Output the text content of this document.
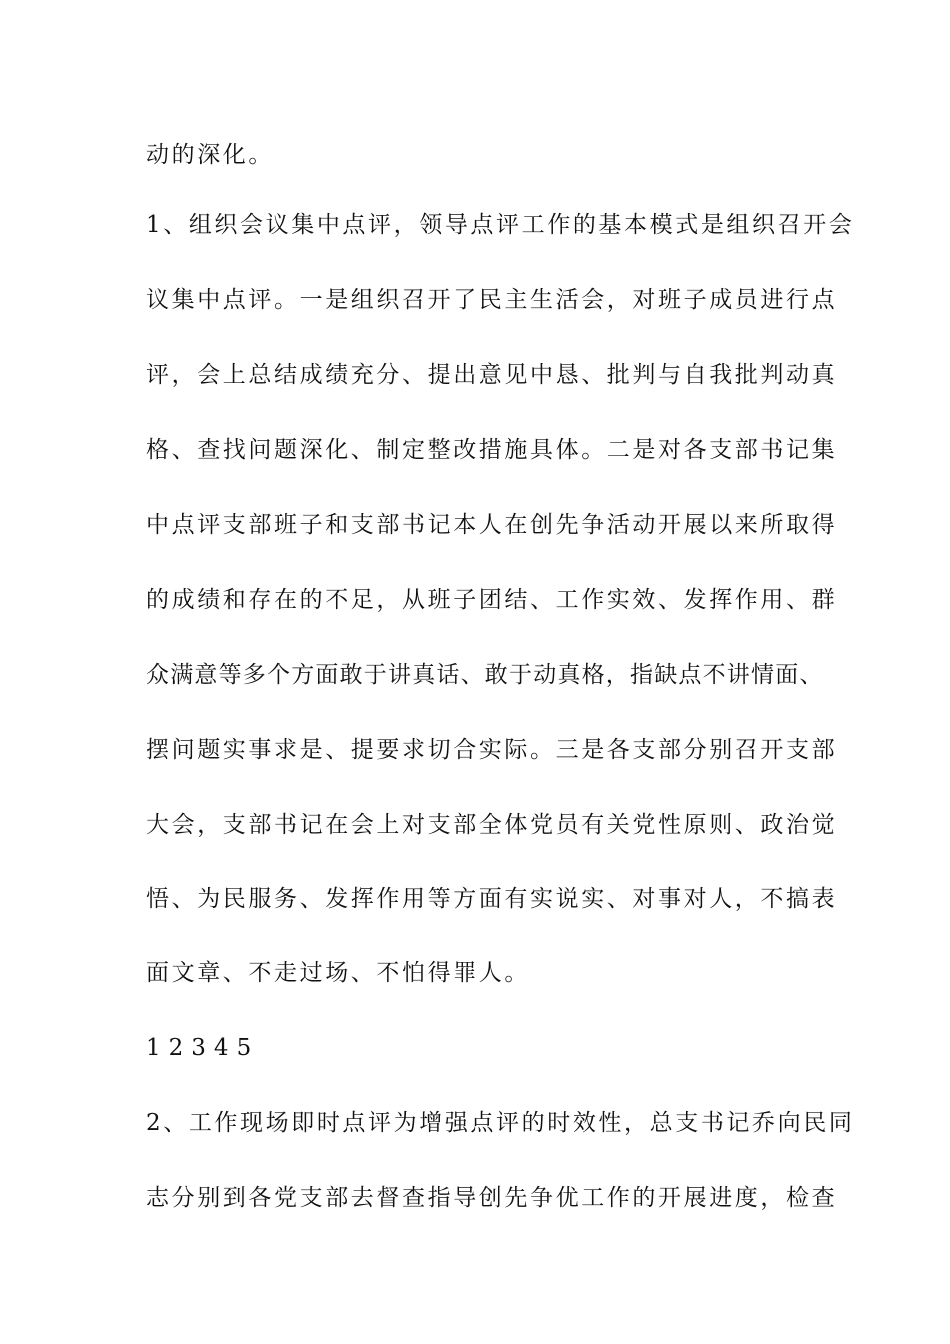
动的深化。
1、组织会议集中点评，领导点评工作的基本模式是组织召开会
议集中点评。一是组织召开了民主生活会，对班子成员进行点
评，会上总结成绩充分、提出意见中恳、批判与自我批判动真
格、查找问题深化、制定整改措施具体。二是对各支部书记集
中点评支部班子和支部书记本人在创先争活动开展以来所取得
的成绩和存在的不足，从班子团结、工作实效、发挥作用、群
众满意等多个方面敢于讲真话、敢于动真格，指缺点不讲情面、
摆问题实事求是、提要求切合实际。三是各支部分别召开支部
大会，支部书记在会上对支部全体党员有关党性原则、政治觉
悟、为民服务、发挥作用等方面有实说实、对事对人，不搞表
面文章、不走过场、不怕得罪人。
1 2 3 4 5
2、工作现场即时点评为增强点评的时效性，总支书记乔向民同
志分别到各党支部去督查指导创先争优工作的开展进度，检查
